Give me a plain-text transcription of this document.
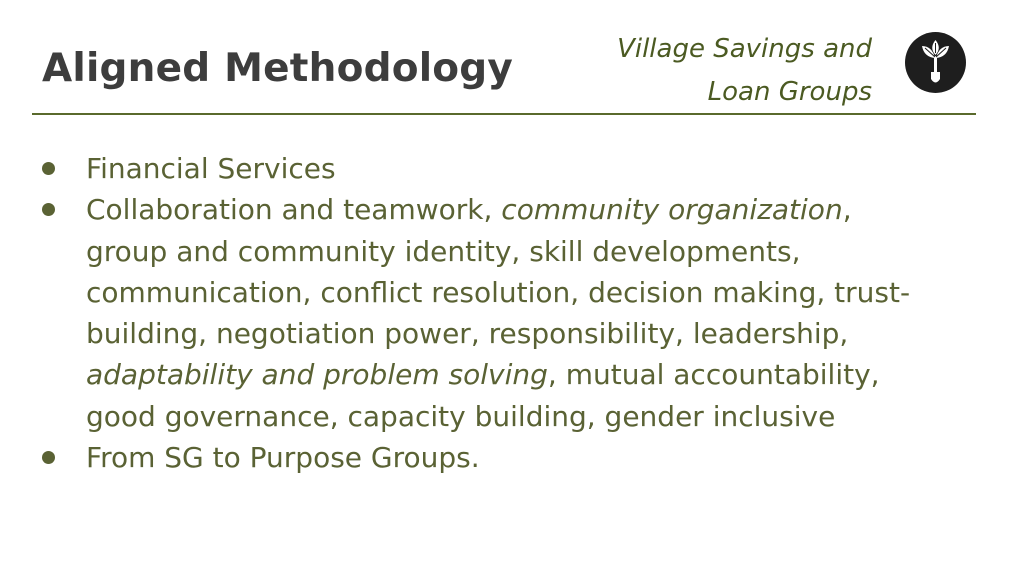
Aligned Methodology	Village Savings and
Loan Groups
Financial Services
Collaboration and teamwork, community organization, group and community identity, skill developments, communication, conflict resolution, decision making, trust-building, negotiation power, responsibility, leadership, adaptability and problem solving, mutual accountability, good governance, capacity building, gender inclusive
From SG to Purpose Groups.
